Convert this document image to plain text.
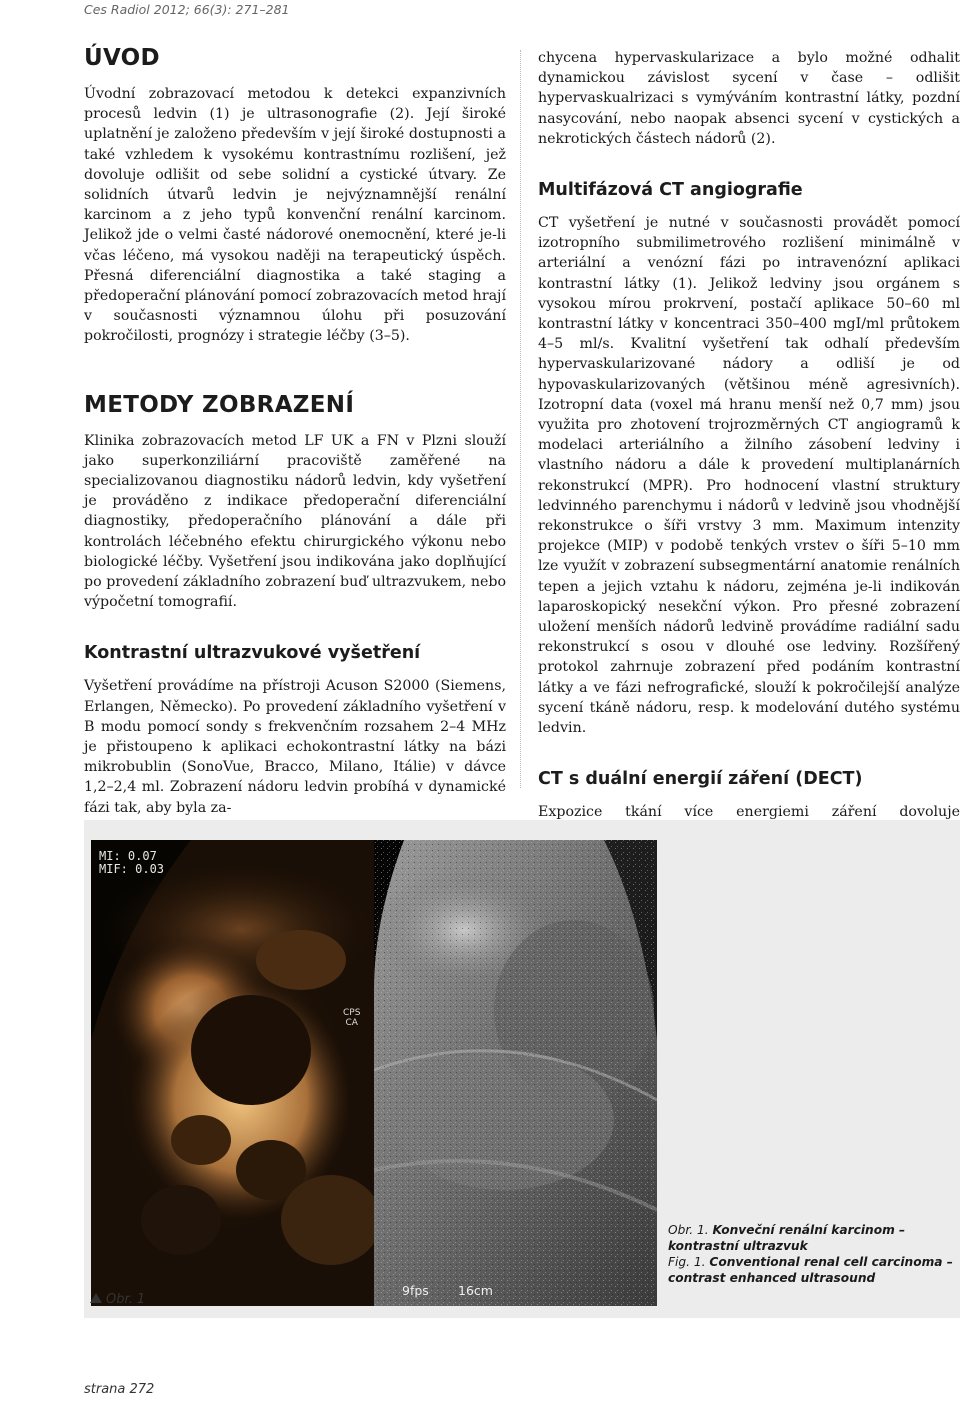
Ces Radiol 2012; 66(3): 271–281
ÚVOD

Úvodní zobrazovací metodou k detekci expanzivních procesů ledvin (1) je ultrasonografie (2). Její široké uplatnění je založeno především v její široké dostupnosti a také vzhledem k vysokému kontrastnímu rozlišení, jež dovoluje odlišit od sebe solidní a cystické útvary. Ze solidních útvarů ledvin je nejvýznamnější renální karcinom a z jeho typů konvenční renální karcinom. Jelikož jde o velmi časté nádorové onemocnění, které je-li včas léčeno, má vysokou naději na terapeutický úspěch. Přesná diferenciální diagnostika a také staging a předoperační plánování pomocí zobrazovacích metod hrají v současnosti významnou úlohu při posuzování pokročilosti, prognózy i strategie léčby (3–5).

METODY ZOBRAZENÍ

Klinika zobrazovacích metod LF UK a FN v Plzni slouží jako superkonziliární pracoviště zaměřené na specializovanou diagnostiku nádorů ledvin, kdy vyšetření je prováděno z indikace předoperační diferenciální diagnostiky, předoperačního plánování a dále při kontrolách léčebného efektu chirurgického výkonu nebo biologické léčby. Vyšetření jsou indikována jako doplňující po provedení základního zobrazení buď ultrazvukem, nebo výpočetní tomografií.

Kontrastní ultrazvukové vyšetření

Vyšetření provádíme na přístroji Acuson S2000 (Siemens, Erlangen, Německo). Po provedení základního vyšetření v B modu pomocí sondy s frekvenčním rozsahem 2–4 MHz je přistoupeno k aplikaci echokontrastní látky na bázi mikrobublin (SonoVue, Bracco, Milano, Itálie) v dávce 1,2–2,4 ml. Zobrazení nádoru ledvin probíhá v dynamické fázi tak, aby byla za-

chycena hypervaskularizace a bylo možné odhalit dynamickou závislost sycení v čase – odlišit hypervaskualrizaci s vymýváním kontrastní látky, pozdní nasycování, nebo naopak absenci sycení v cystických a nekrotických částech nádorů (2).

Multifázová CT angiografie

CT vyšetření je nutné v současnosti provádět pomocí izotropního submilimetrového rozlišení minimálně v arteriální a venózní fázi po intravenózní aplikaci kontrastní látky (1). Jelikož ledviny jsou orgánem s vysokou mírou prokrvení, postačí aplikace 50–60 ml kontrastní látky v koncentraci 350–400 mgI/ml průtokem 4–5 ml/s. Kvalitní vyšetření tak odhalí především hypervaskularizované nádory a odliší je od hypovaskularizovaných (většinou méně agresivních). Izotropní data (voxel má hranu menší než 0,7 mm) jsou využita pro zhotovení trojrozměrných CT angiogramů k modelaci arteriálního a žilního zásobení ledviny i vlastního nádoru a dále k provedení multiplanárních rekonstrukcí (MPR). Pro hodnocení vlastní struktury ledvinného parenchymu i nádorů v ledvině jsou vhodnější rekonstrukce o šíři vrstvy 3 mm. Maximum intenzity projekce (MIP) v podobě tenkých vrstev o šíři 5–10 mm lze využít v zobrazení subsegmentární anatomie renálních tepen a jejich vztahu k nádoru, zejména je-li indikován laparoskopický nesekční výkon. Pro přesné zobrazení uložení menších nádorů ledvině provádíme radiální sadu rekonstrukcí s osou v dlouhé ose ledviny. Rozšířený protokol zahrnuje zobrazení před podáním kontrastní látky a ve fázi nefrografické, slouží k pokročilejší analýze sycení tkáně nádoru, resp. k modelování dutého systému ledvin.

CT s duální energií záření (DECT)

Expozice tkání více energiemi záření dovoluje

MI: 0.07
MIF: 0.03
CPS
CA
9fps 16cm
Obr. 1
Obr. 1. Konveční renální karcinom – kontrastní ultrazvuk
Fig. 1. Conventional renal cell carcinoma – contrast enhanced ultrasound
strana 272
